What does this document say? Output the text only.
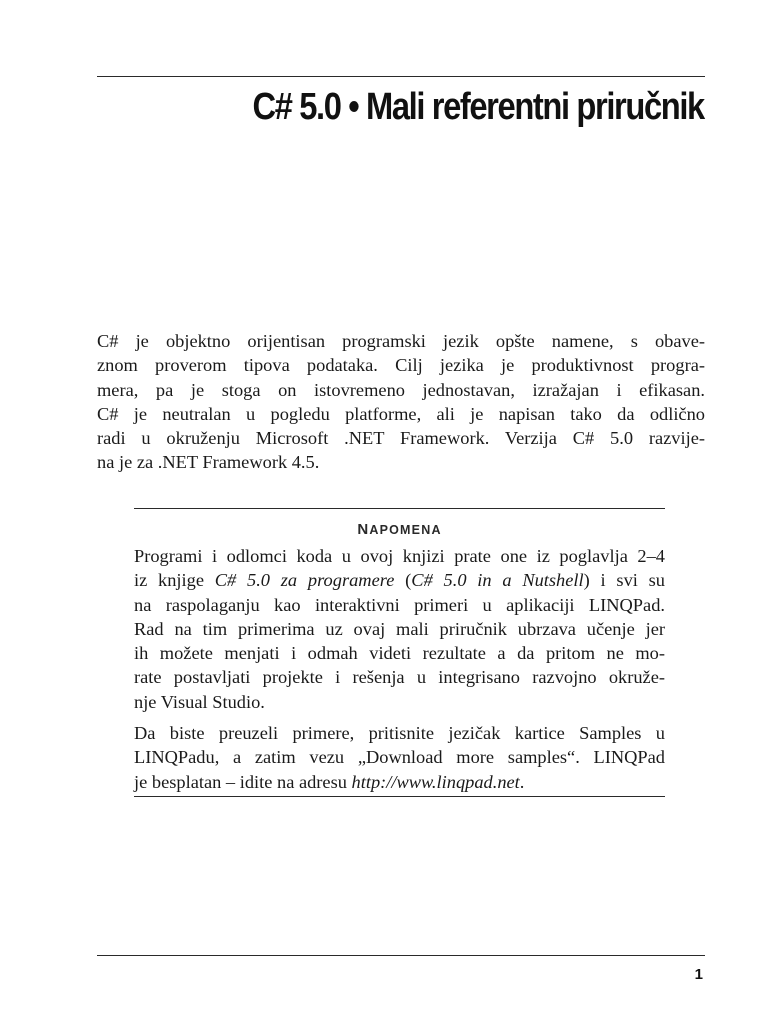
C# 5.0 • Mali referentni priručnik
C# je objektno orijentisan programski jezik opšte namene, s obave-
znom proverom tipova podataka. Cilj jezika je produktivnost progra-
mera, pa je stoga on istovremeno jednostavan, izražajan i efikasan.
C# je neutralan u pogledu platforme, ali je napisan tako da odlično
radi u okruženju Microsoft .NET Framework. Verzija C# 5.0 razvije-
na je za .NET Framework 4.5.
NAPOMENA
Programi i odlomci koda u ovoj knjizi prate one iz poglavlja 2–4
iz knjige C# 5.0 za programere (C# 5.0 in a Nutshell) i svi su
na raspolaganju kao interaktivni primeri u aplikaciji LINQPad.
Rad na tim primerima uz ovaj mali priručnik ubrzava učenje jer
ih možete menjati i odmah videti rezultate a da pritom ne mo-
rate postavljati projekte i rešenja u integrisano razvojno okruže-
nje Visual Studio.
Da biste preuzeli primere, pritisnite jezičak kartice Samples u
LINQPadu, a zatim vezu „Download more samples“. LINQPad
je besplatan – idite na adresu http://www.linqpad.net.
1
